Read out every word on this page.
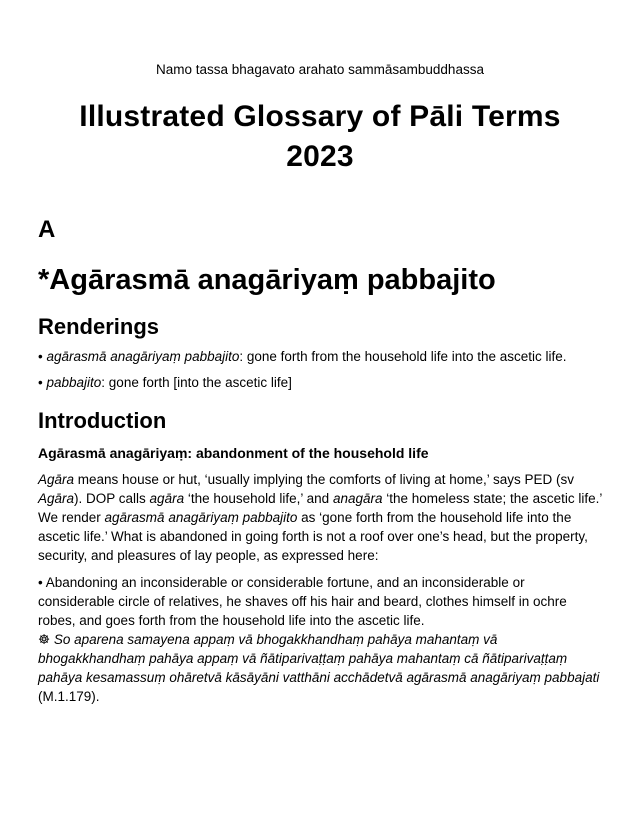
Namo tassa bhagavato arahato sammāsambuddhassa

Illustrated Glossary of Pāli Terms
2023
A
*Agārasmā anagāriyaṃ pabbajito
Renderings

• agārasmā anagāriyaṃ pabbajito: gone forth from the household life into the ascetic life.

• pabbajito: gone forth [into the ascetic life]

Introduction

Agārasmā anagāriyaṃ: abandonment of the household life

Agāra means house or hut, ‘usually implying the comforts of living at home,’ says PED (sv Agāra). DOP calls agāra ‘the household life,’ and anagāra ‘the homeless state; the ascetic life.’ We render agārasmā anagāriyaṃ pabbajito as ‘gone forth from the household life into the ascetic life.’ What is abandoned in going forth is not a roof over one’s head, but the property, security, and pleasures of lay people, as expressed here:

• Abandoning an inconsiderable or considerable fortune, and an inconsiderable or considerable circle of relatives, he shaves off his hair and beard, clothes himself in ochre robes, and goes forth from the household life into the ascetic life.

☸ So aparena samayena appaṃ vā bhogakkhandhaṃ pahāya mahantaṃ vā bhogakkhandhaṃ pahāya appaṃ vā ñātiparivaṭṭaṃ pahāya mahantaṃ cā ñātiparivaṭṭaṃ pahāya kesamassuṃ ohāretvā kāsāyāni vatthāni acchādetvā agārasmā anagāriyaṃ pabbajati (M.1.179).
